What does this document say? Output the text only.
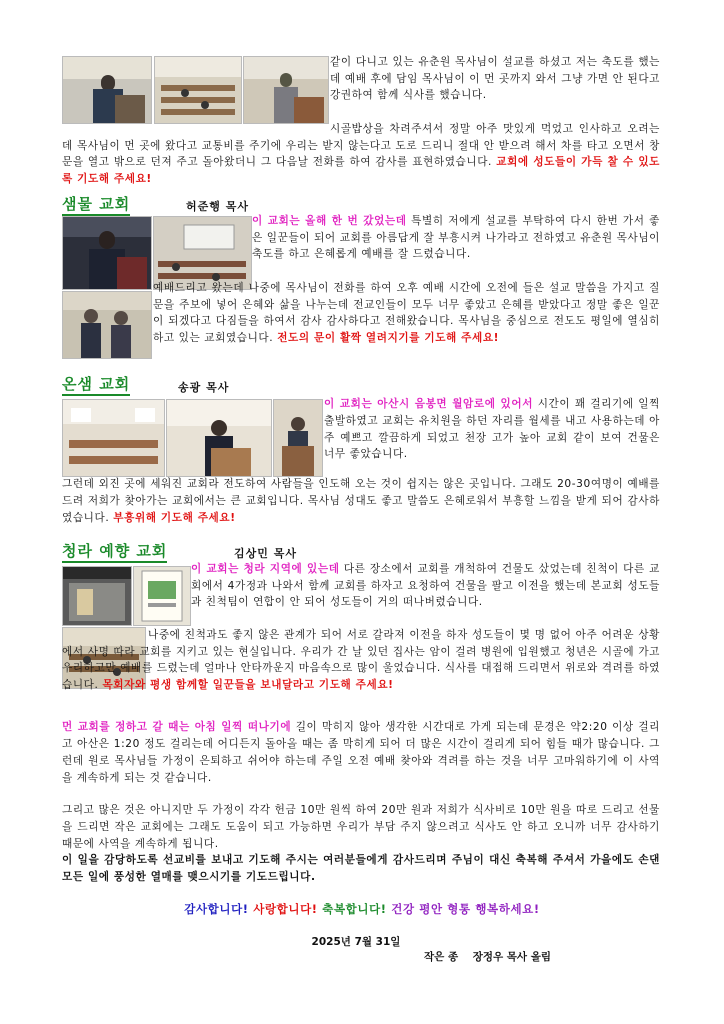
같이 다니고 있는 유춘원 목사님이 설교를 하셨고 저는 축도를 했는데 예배 후에 담임 목사님이 이 먼 곳까지 와서 그냥 가면 안 된다고 강권하여 함께 식사를 했습니다.

시골밥상을 차려주셔서 정말 아주 맛있게 먹었고 인사하고 오려는데 목사님이 먼 곳에 왔다고 교통비를 주기에 우리는 받지 않는다고 도로 드리니 절대 안 받으려 해서 차를 타고 오면서 창문을 열고 밖으로 던져 주고 돌아왔더니 그 다음날 전화를 하여 감사를 표현하였습니다. 교회에 성도들이 가득 찰 수 있도록 기도해 주세요!

샘물 교회	허준행 목사

이 교회는 올해 한 번 갔었는데 특별히 저에게 설교를 부탁하여 다시 한번 가서 좋은 일꾼들이 되어 교회를 아름답게 잘 부흥시켜 나가라고 전하였고 유춘원 목사님이 축도를 하고 은혜롭게 예배를 잘 드렸습니다.

예배드리고 왔는데 나중에 목사님이 전화를 하여 오후 예배 시간에 오전에 들은 설교 말씀을 가지고 질문을 주보에 넣어 은혜와 삶을 나누는데 전교인들이 모두 너무 좋았고 은혜를 받았다고 정말 좋은 일꾼이 되겠다고 다짐들을 하여서 감사 감사하다고 전해왔습니다. 목사님을 중심으로 전도도 평일에 열심히 하고 있는 교회였습니다. 전도의 문이 활짝 열려지기를 기도해 주세요!

온샘 교회	송광 목사

이 교회는 아산시 음봉면 월암로에 있어서 시간이 꽤 걸리기에 일찍 출발하였고 교회는 유치원을 하던 자리를 월세를 내고 사용하는데 아주 예쁘고 깔끔하게 되었고 천장 고가 높아 교회 같이 보여 건물은 너무 좋았습니다.

그런데 외진 곳에 세워진 교회라 전도하여 사람들을 인도해 오는 것이 쉽지는 않은 곳입니다. 그래도 20-30여명이 예배를 드려 저희가 찾아가는 교회에서는 큰 교회입니다. 목사님 성대도 좋고 말씀도 은혜로워서 부흥할 느낌을 받게 되어 감사하였습니다. 부흥위해 기도해 주세요!

청라 예향 교회	김상민 목사

이 교회는 청라 지역에 있는데 다른 장소에서 교회를 개척하여 건물도 샀었는데 친척이 다른 교회에서 4가정과 나와서 함께 교회를 하자고 요청하여 건물을 팔고 이전을 했는데 본교회 성도들과 친척팀이 연합이 안 되어 성도들이 거의 떠나버렸습니다.

나중에 친척과도 좋지 않은 관계가 되어 서로 갈라져 이전을 하자 성도들이 몇 명 없어 아주 어려운 상황에서 사명 따라 교회를 지키고 있는 현실입니다. 우리가 간 날 있던 집사는 암이 걸려 병원에 입원했고 청년은 시골에 가고 우리하고만 예배를 드렸는데 얼마나 안타까운지 마음속으로 많이 울었습니다. 식사를 대접해 드리면서 위로와 격려를 하였습니다. 목회자와 평생 함께할 일꾼들을 보내달라고 기도해 주세요!

먼 교회를 정하고 갈 때는 아침 일찍 떠나기에 길이 막히지 않아 생각한 시간대로 가게 되는데 문경은 약2:20 이상 걸리고 아산은 1:20 정도 걸리는데 어디든지 돌아올 때는 좀 막히게 되어 더 많은 시간이 걸리게 되어 힘들 때가 많습니다. 그런데 원로 목사님들 가정이 은퇴하고 쉬어야 하는데 주일 오전 예배 찾아와 격려를 하는 것을 너무 고마워하기에 이 사역을 계속하게 되는 것 같습니다.

그리고 많은 것은 아니지만 두 가정이 각각 헌금 10만 원씩 하여 20만 원과 저희가 식사비로 10만 원을 따로 드리고 선물을 드리면 작은 교회에는 그래도 도움이 되고 가능하면 우리가 부담 주지 않으려고 식사도 안 하고 오니까 너무 감사하기 때문에 사역을 계속하게 됩니다.

이 일을 감당하도록 선교비를 보내고 기도해 주시는 여러분들에게 감사드리며 주님이 대신 축복해 주셔서 가을에도 손댄 모든 일에 풍성한 열매를 맺으시기를 기도드립니다.

감사합니다! 사랑합니다! 축복합니다! 건강 평안 형통 행복하세요!
2025년 7월 31일
작은 종    장정우 목사 올림
